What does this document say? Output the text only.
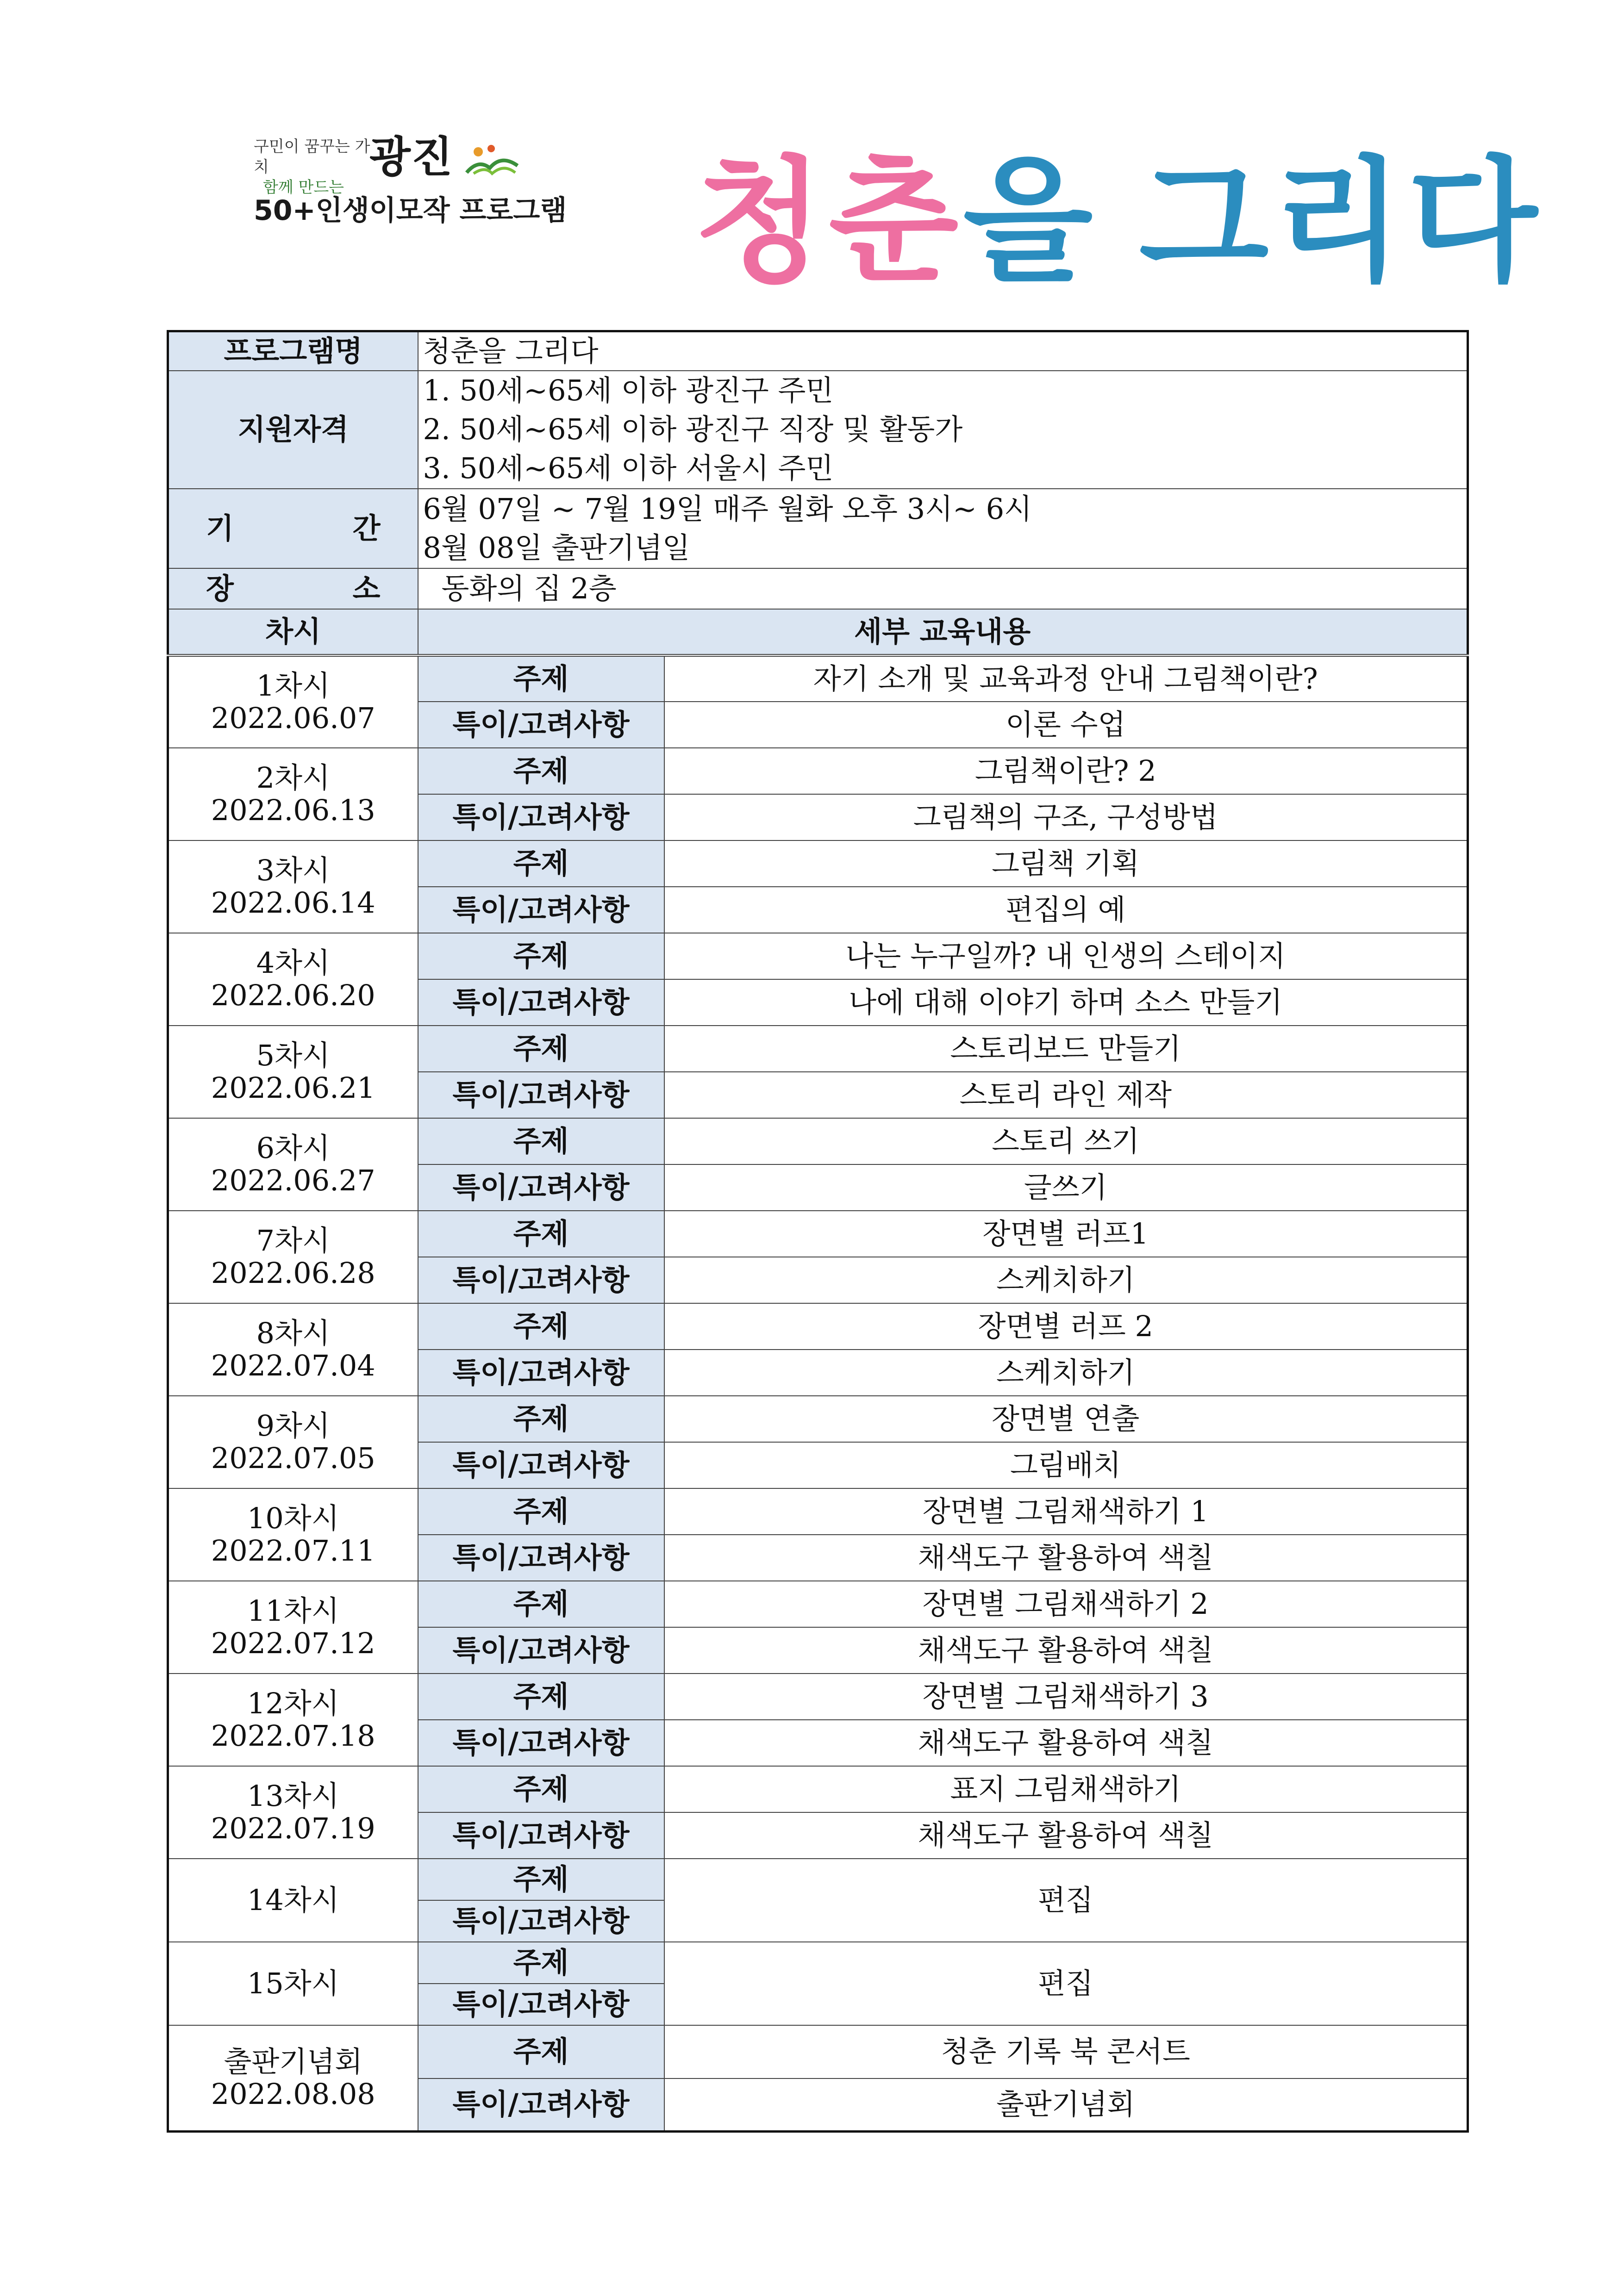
구민이 꿈꾸는 가치
함께 만드는
광진
50+인생이모작 프로그램 청춘을 그리다
프로그램명	청춘을 그리다	
지원자격	1. 50세~65세 이하 광진구 주민
2. 50세~65세 이하 광진구 직장 및 활동가
3. 50세~65세 이하 서울시 주민	

기 간	6월 07일 ~ 7월 19일 매주 월화 오후 3시~ 6시
8월 08일 출판기념일	

장 소	동화의 집 2층	
차시	세부 교육내용	

1차시
2022.06.07	주제	자기 소개 및 교육과정 안내 그림책이란?
	특이/고려사항	이론 수업

2차시
2022.06.13	주제	그림책이란? 2
	특이/고려사항	그림책의 구조, 구성방법

3차시
2022.06.14	주제	그림책 기획
	특이/고려사항	편집의 예

4차시
2022.06.20	주제	나는 누구일까? 내 인생의 스테이지
	특이/고려사항	나에 대해 이야기 하며 소스 만들기

5차시
2022.06.21	주제	스토리보드 만들기
	특이/고려사항	스토리 라인 제작

6차시
2022.06.27	주제	스토리 쓰기
	특이/고려사항	글쓰기

7차시
2022.06.28	주제	장면별 러프1
	특이/고려사항	스케치하기

8차시
2022.07.04	주제	장면별 러프 2
	특이/고려사항	스케치하기

9차시
2022.07.05	주제	장면별 연출
	특이/고려사항	그림배치

10차시
2022.07.11	주제	장면별 그림채색하기 1
	특이/고려사항	채색도구 활용하여 색칠

11차시
2022.07.12	주제	장면별 그림채색하기 2
	특이/고려사항	채색도구 활용하여 색칠

12차시
2022.07.18	주제	장면별 그림채색하기 3
	특이/고려사항	채색도구 활용하여 색칠

13차시
2022.07.19	주제	표지 그림채색하기
	특이/고려사항	채색도구 활용하여 색칠

14차시	주제	편집
	특이/고려사항	

15차시	주제	편집
	특이/고려사항	

출판기념회
2022.08.08	주제	청춘 기록 북 콘서트
	특이/고려사항	출판기념회
